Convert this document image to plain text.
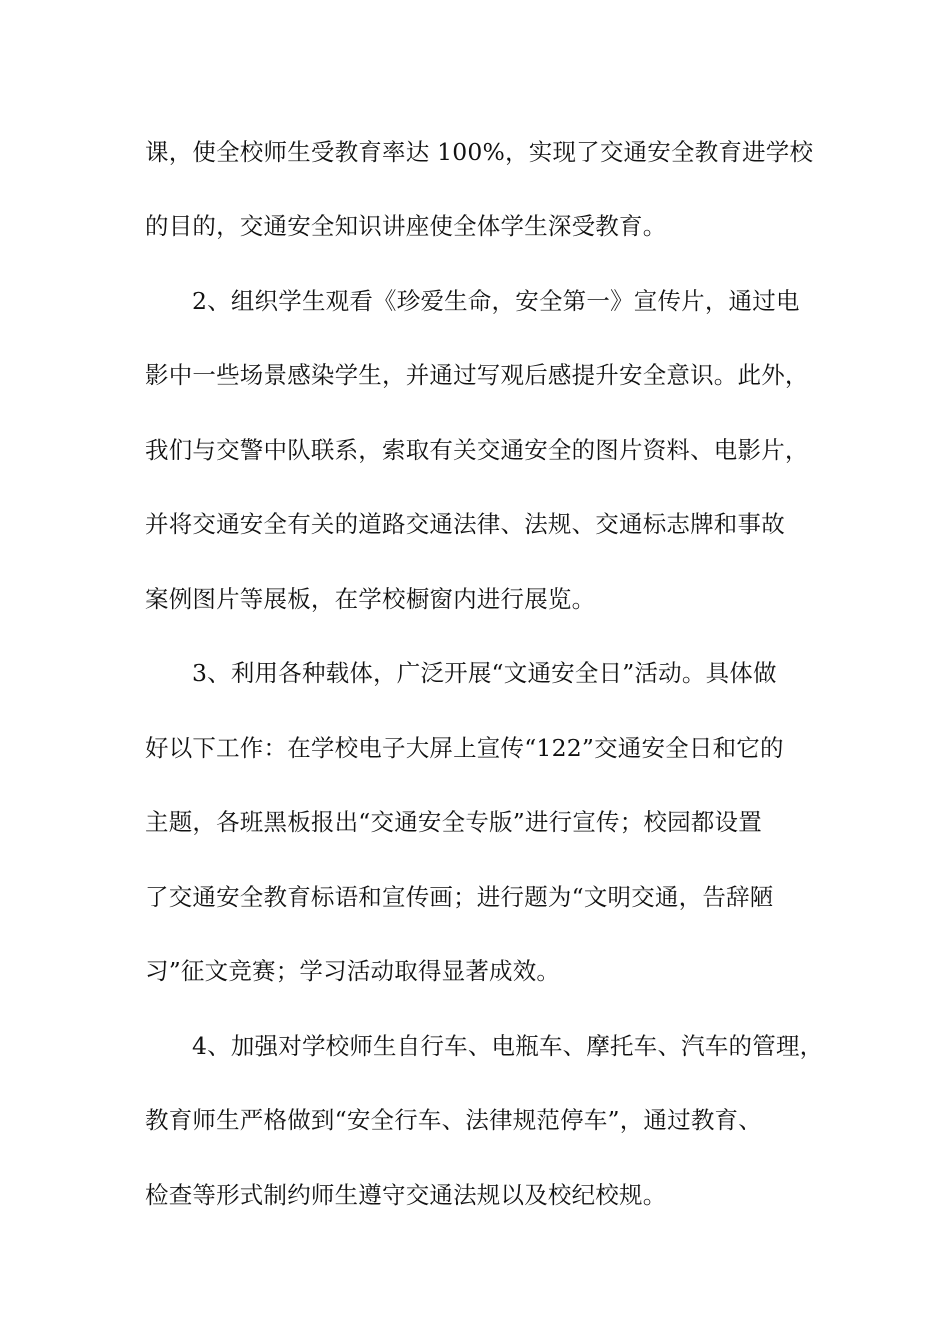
课，使全校师生受教育率达 100%，实现了交通安全教育进学校
的目的，交通安全知识讲座使全体学生深受教育。
2、组织学生观看《珍爱生命，安全第一》宣传片，通过电
影中一些场景感染学生，并通过写观后感提升安全意识。此外，
我们与交警中队联系，索取有关交通安全的图片资料、电影片，
并将交通安全有关的道路交通法律、法规、交通标志牌和事故
案例图片等展板，在学校橱窗内进行展览。
3、利用各种载体，广泛开展“文通安全日”活动。具体做
好以下工作：在学校电子大屏上宣传“122”交通安全日和它的
主题，各班黑板报出“交通安全专版”进行宣传；校园都设置
了交通安全教育标语和宣传画；进行题为“文明交通，告辞陋
习”征文竞赛；学习活动取得显著成效。
4、加强对学校师生自行车、电瓶车、摩托车、汽车的管理，
教育师生严格做到“安全行车、法律规范停车”，通过教育、
检查等形式制约师生遵守交通法规以及校纪校规。
